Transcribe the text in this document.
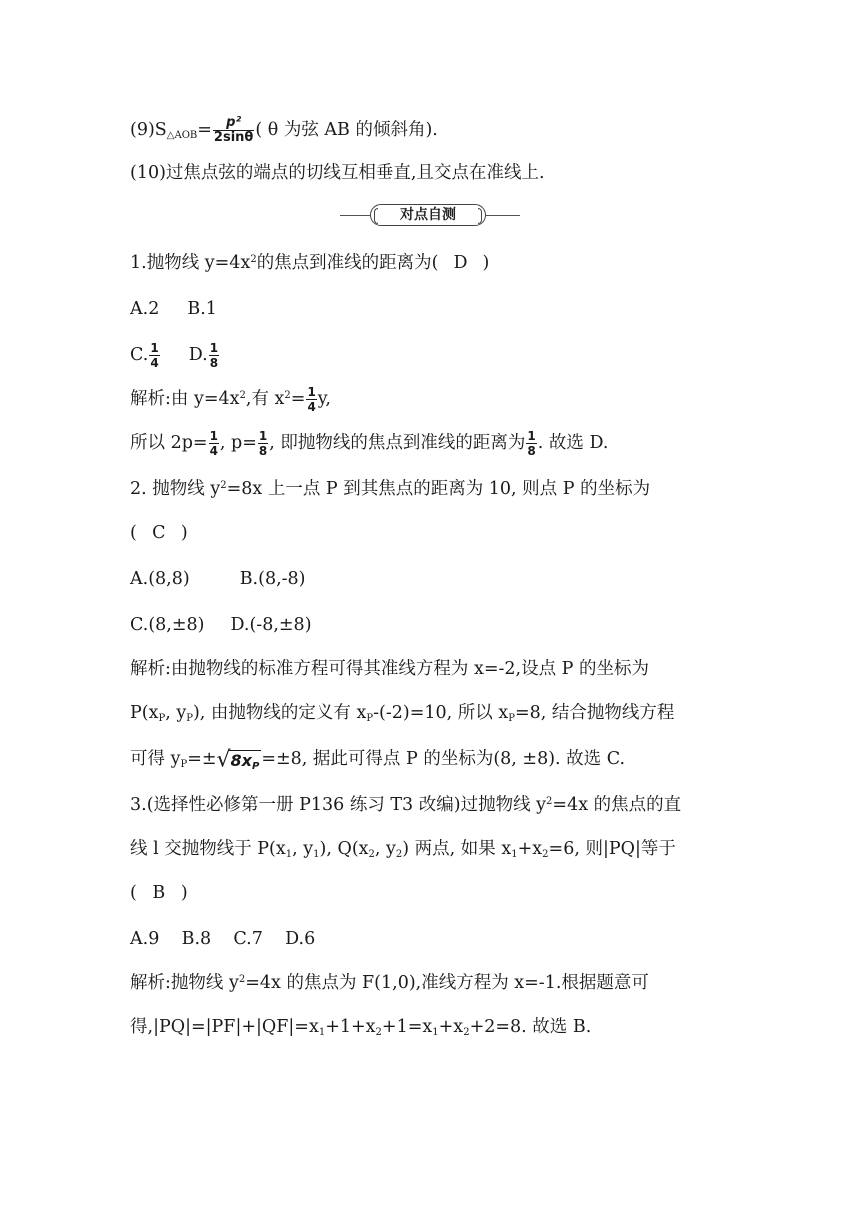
$(9)S_{\triangle AOB}= \frac{\text{p²}}{2\sin\theta}$ ( θ 为弦 AB 的倾斜角).
(10)过焦点弦的端点的切线互相垂直,且交点在准线上.
对点自测
1.抛物线 $y=4x^2$的焦点到准线的距离为( D )
A.2 B.1
C. $\frac{1}{4} D$. $\frac{1}{8}$
解析:由 $y=4x^2$,有 $x^2= \frac{1}{4} y$,
所以 $2p= \frac{1}{4}$ , $p= \frac{1}{8}$ , 即抛物线的焦点到准线的距离为 $\frac{1}{8}$ . 故选 D.
2. 抛物线 $y^2=8x$ 上一点 P 到其焦点的距离为 10, 则点 P 的坐标为
( C )
A.(8,8)	B.(8,-8)
C.(8,±8) D.(-8,±8)
解析:由抛物线的标准方程可得其准线方程为 x=-2,设点 P 的坐标为
$P(x_P$, $y_P$), 由抛物线的定义有 $x_P-(-2)=10$, 所以 $x_P=8$, 结合抛物线方程
可得 $y_P=\pm√8x_P =\pm 8$, 据此可得点 P 的坐标为(8, ±8). 故选 C.
3.(选择性必修第一册 P136 练习 T3 改编)过抛物线 $y^2=4x$ 的焦点的直
线 l 交抛物线于 $P(x_1$, $y_1$), $Q(x_2$, $y_2$) 两点, 如果 $x_1+x_2=6$, 则|PQ|等于
( B )
A.9    B.8    C.7    D.6
解析:抛物线 $y^2=4x$ 的焦点为 F(1,0),准线方程为 x=-1.根据题意可
得$,|PQ|=|PF|+|QF|=x_1+1+x_2+1=x_1+x_2+2=8$. 故选 B.
